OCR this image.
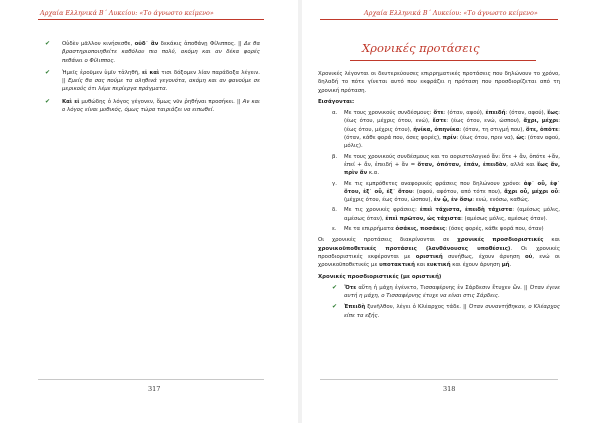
Αρχαία Ελληνικά Β΄ Λυκείου: «Το άγνωστο κείμενο»
✔ Οὐδὲν μᾶλλον κινήσεσθε, οὐδ᾽ ἂν δεκάκις ἀποθάνῃ Φίλιππος. || Δε θα βραστηριοποιηθείτε καθόλου πιο πολύ, ακόμη και αν δέκα φορές πεθάνει ο Φίλιππος.
✔ Ἡμεῖς ἐροῦμεν ὑμῖν τἀληθῆ, εἰ καὶ τισι δόξομεν λίαν παράδοξα λέγειν. || Εμείς θα σας πούμε τα αληθινά γεγονότα, ακόμη και αν φανούμε σε μερικούς ότι λέμε περίεργα πράγματα.
✔ Καὶ εἰ μυθώδης ὁ λόγος γέγονεν, ὅμως νῦν ῥηθήναι προσήκει. || Αν και ο λόγος είναι μυθικός, όμως τώρα ταιριάζει να ειπωθεί.
317
Αρχαία Ελληνικά Β΄ Λυκείου: «Το άγνωστο κείμενο»
Χρονικές προτάσεις
Χρονικές λέγονται οι δευτερεύουσες επιρρηματικές προτάσεις που δηλώνουν το χρόνο, δηλαδή το πότε γίνεται αυτό που εκφράζει η πρόταση που προσδιορίζεται από τη χρονική πρόταση.
Εισάγονται:
α. Με τους χρονικούς συνδέσμους: ὅτε: (όταν, αφού), ἐπειδή: (όταν, αφού), ἕως: (έως ότου, μέχρις ότου, ενώ), ἔστε: (έως ότου, ενώ, ώσπου), ἄχρι, μέχρι: (έως ότου, μέχρις ότου), ἡνίκα, ὁπηνίκα: (όταν, τη στιγμή που), ὅτε, ὁπότε: (όταν, κάθε φορά που, όσες φορές), πρίν: (έως ότου, πριν να), ὡς: (όταν αφού, μόλις).
β. Με τους χρονικούς συνδέσμους και το αοριστολογικό ἄν: ὅτε + ἄν, ὁπότε +ἄν, ἐπεί + ἄν, ἐπειδή + ἄν = ὅταν, ὁπόταν, ἐπάν, ἐπειδὰν, αλλά και ἕως ἄν, πρὶν ἄν κ.α.
γ. Με τις εμπρόθετες αναφορικές φράσεις που δηλώνουν χρόνο: ἀφ᾽ οὗ, ἐφ᾽ ὅτου, ἐξ᾽ οὗ, ἐξ᾽ ὅτου: (αφού, αφότου, από τότε που), ἄχρι οὗ, μέχρι οὗ: (μέχρις ότου, έως ότου, ώσπου), ἐν ᾧ, ἐν ὅσῳ: ενώ, ενόσω, καθώς.
δ. Με τις χρονικές φράσεις: ἐπεὶ τάχιστα, ἐπειδὴ τάχιστα: (αμέσως μόλις, αμέσως όταν), ἐπεὶ πρῶτον, ὡς τάχιστα: (αμέσως μόλις, αμέσως όταν).
ε. Με τα επιρρήματα ὁσάκις, ποσάκις: (όσες φορές, κάθε φορά που, όταν)
Οι χρονικές προτάσεις διακρίνονται σε χρονικές προσδιοριστικές και χρονικοϋποθετικές προτάσεις (λανθάνουσες υποθέσεις). Οι χρονικές προσδιοριστικές εκφέρονται με οριστική συνήθως, έχουν άρνηση οὐ, ενώ οι χρονικοϋποθετικές με υποτακτική και ευκτική και έχουν άρνηση μή.
Χρονικές προσδιοριστικές (με οριστική)
✔ Ὅτε αὕτη ἡ μάχη ἐγένετο, Τισσαφέρνης ἐν Σάρδεσιν ἔτυχεν ὤν. || Όταν έγινε αυτή η μάχη, ο Τισσαφέρνης έτυχε να είναι στις Σάρδεις.
✔ Ἐπειδὴ ξυνῆλθον, λέγει ὁ Κλέαρχος τάδε. || Όταν συναντήθηκαν, ο Κλέαρχος είπε τα εξής.
318
